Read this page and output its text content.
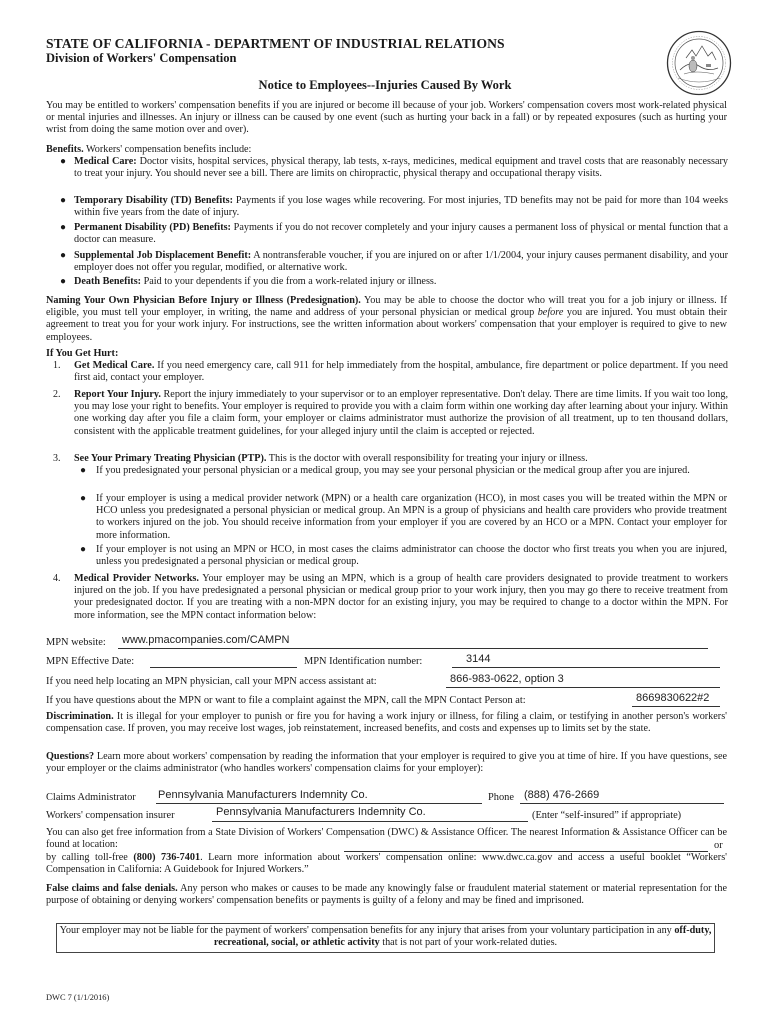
STATE OF CALIFORNIA - DEPARTMENT OF INDUSTRIAL RELATIONS
Division of Workers' Compensation
Notice to Employees--Injuries Caused By Work
You may be entitled to workers' compensation benefits if you are injured or become ill because of your job. Workers' compensation covers most work-related physical or mental injuries and illnesses. An injury or illness can be caused by one event (such as hurting your back in a fall) or by repeated exposures (such as hurting your wrist from doing the same motion over and over).
Benefits. Workers' compensation benefits include:
● Medical Care: Doctor visits, hospital services, physical therapy, lab tests, x-rays, medicines, medical equipment and travel costs that are reasonably necessary to treat your injury. You should never see a bill. There are limits on chiropractic, physical therapy and occupational therapy visits.
● Temporary Disability (TD) Benefits: Payments if you lose wages while recovering. For most injuries, TD benefits may not be paid for more than 104 weeks within five years from the date of injury.
● Permanent Disability (PD) Benefits: Payments if you do not recover completely and your injury causes a permanent loss of physical or mental function that a doctor can measure.
● Supplemental Job Displacement Benefit: A nontransferable voucher, if you are injured on or after 1/1/2004, your injury causes permanent disability, and your employer does not offer you regular, modified, or alternative work.
● Death Benefits: Paid to your dependents if you die from a work-related injury or illness.
Naming Your Own Physician Before Injury or Illness (Predesignation). You may be able to choose the doctor who will treat you for a job injury or illness. If eligible, you must tell your employer, in writing, the name and address of your personal physician or medical group before you are injured. You must obtain their agreement to treat you for your work injury. For instructions, see the written information about workers' compensation that your employer is required to give to new employees.
If You Get Hurt:
1. Get Medical Care. If you need emergency care, call 911 for help immediately from the hospital, ambulance, fire department or police department. If you need first aid, contact your employer.
2. Report Your Injury. Report the injury immediately to your supervisor or to an employer representative. Don't delay. There are time limits. If you wait too long, you may lose your right to benefits. Your employer is required to provide you with a claim form within one working day after learning about your injury. Within one working day after you file a claim form, your employer or claims administrator must authorize the provision of all treatment, up to ten thousand dollars, consistent with the applicable treatment guidelines, for your alleged injury until the claim is accepted or rejected.
3. See Your Primary Treating Physician (PTP). This is the doctor with overall responsibility for treating your injury or illness.
● If you predesignated your personal physician or a medical group, you may see your personal physician or the medical group after you are injured.
● If your employer is using a medical provider network (MPN) or a health care organization (HCO), in most cases you will be treated within the MPN or HCO unless you predesignated a personal physician or medical group. An MPN is a group of physicians and health care providers who provide treatment to workers injured on the job. You should receive information from your employer if you are covered by an HCO or a MPN. Contact your employer for more information.
● If your employer is not using an MPN or HCO, in most cases the claims administrator can choose the doctor who first treats you when you are injured, unless you predesignated a personal physician or medical group.
4. Medical Provider Networks. Your employer may be using an MPN, which is a group of health care providers designated to provide treatment to workers injured on the job. If you have predesignated a personal physician or medical group prior to your work injury, then you may go there to receive treatment from your predesignated doctor. If you are treating with a non-MPN doctor for an existing injury, you may be required to change to a doctor within the MPN. For more information, see the MPN contact information below:
MPN website: www.pmacompanies.com/CAMPN
MPN Effective Date:	MPN Identification number:	3144
If you need help locating an MPN physician, call your MPN access assistant at:	866-983-0622, option 3
If you have questions about the MPN or want to file a complaint against the MPN, call the MPN Contact Person at:	8669830622#2
Discrimination. It is illegal for your employer to punish or fire you for having a work injury or illness, for filing a claim, or testifying in another person's workers' compensation case. If proven, you may receive lost wages, job reinstatement, increased benefits, and costs and expenses up to limits set by the state.
Questions? Learn more about workers' compensation by reading the information that your employer is required to give you at time of hire. If you have questions, see your employer or the claims administrator (who handles workers' compensation claims for your employer):
Claims Administrator Pennsylvania Manufacturers Indemnity Co.	Phone (888) 476-2669
Workers' compensation insurer	Pennsylvania Manufacturers Indemnity Co.	(Enter “self-insured” if appropriate)
You can also get free information from a State Division of Workers' Compensation (DWC) & Assistance Officer. The nearest Information & Assistance Officer can be found at location:	or
by calling toll-free (800) 736-7401. Learn more information about workers' compensation online: www.dwc.ca.gov and access a useful booklet “Workers' Compensation in California: A Guidebook for Injured Workers.”
False claims and false denials. Any person who makes or causes to be made any knowingly false or fraudulent material statement or material representation for the purpose of obtaining or denying workers' compensation benefits or payments is guilty of a felony and may be fined and imprisoned.
Your employer may not be liable for the payment of workers' compensation benefits for any injury that arises from your voluntary participation in any off-duty, recreational, social, or athletic activity that is not part of your work-related duties.
DWC 7 (1/1/2016)
